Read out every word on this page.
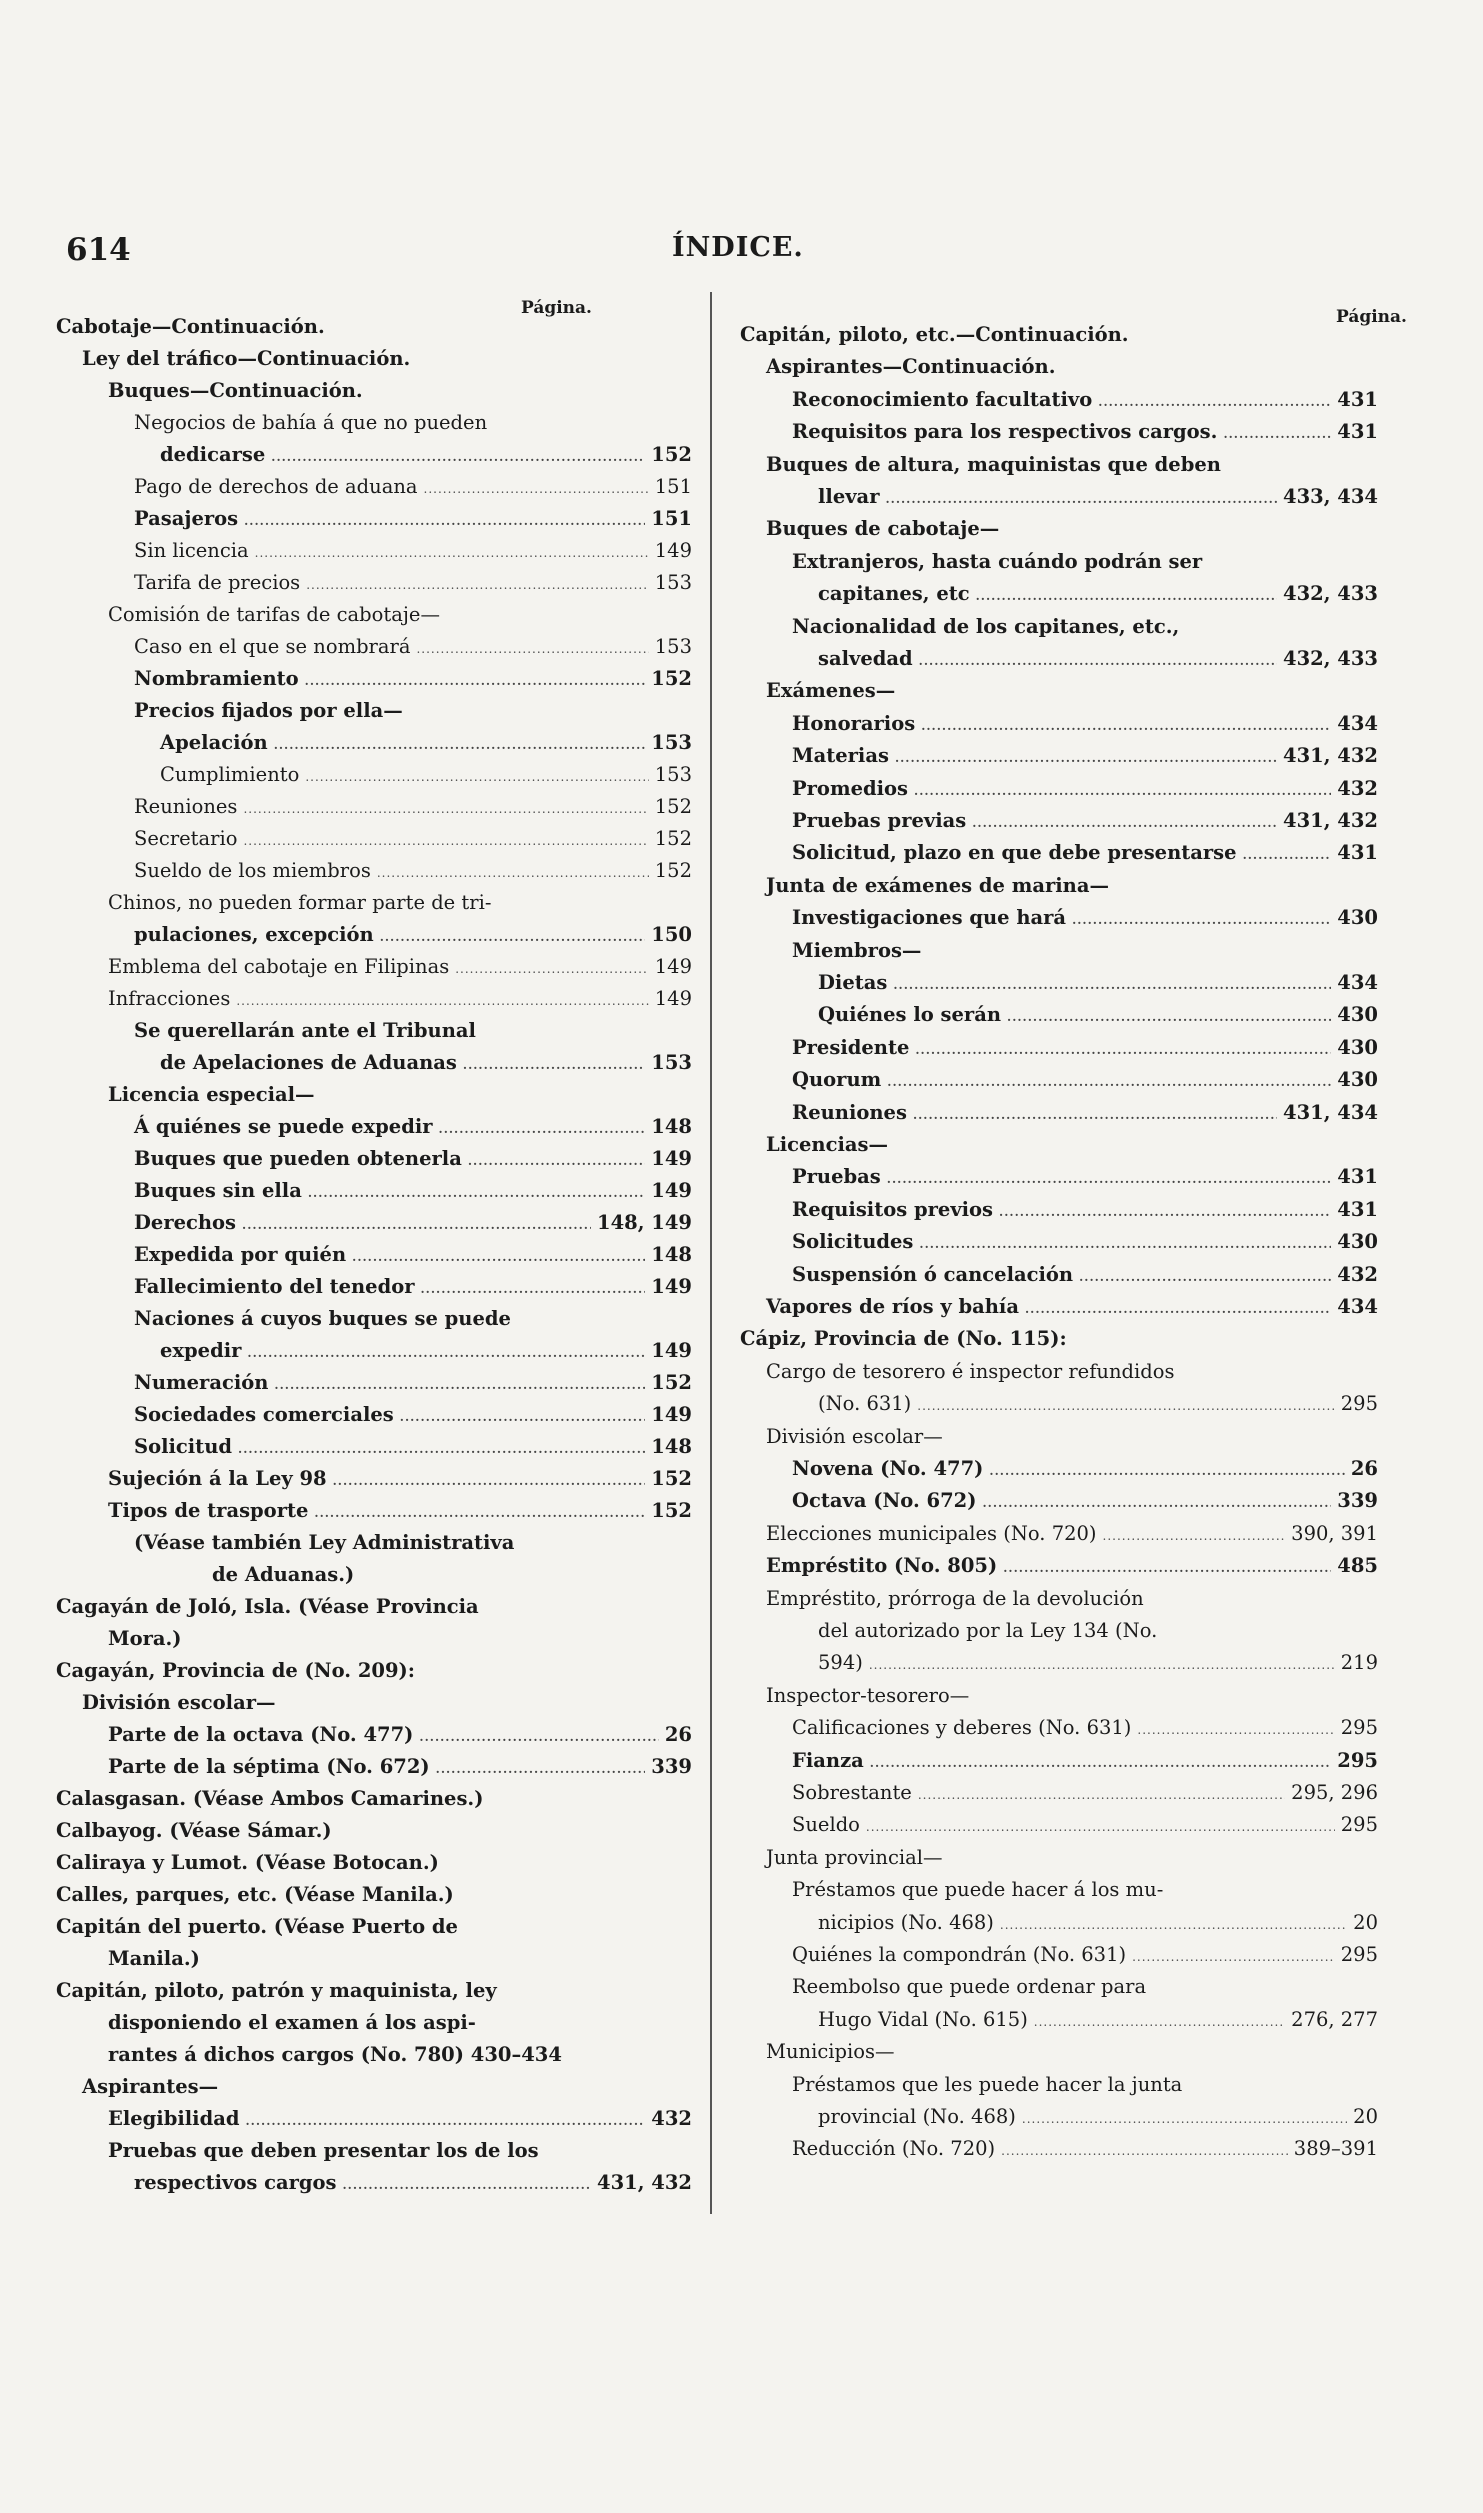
614	ÍNDICE.
Página.
Cabotaje—Continuación.
Ley del tráfico—Continuación.
Buques—Continuación.
Negocios de bahía á que no pueden
dedicarse .....	152
Pago de derechos de aduana .....	151
Pasajeros .....	151
Sin licencia .....	149
Tarifa de precios .....	153
Comisión de tarifas de cabotaje—
Caso en el que se nombrará .....	153
Nombramiento .....	152
Precios fijados por ella—
Apelación .....	153
Cumplimiento .....	153
Reuniones .....	152
Secretario .....	152
Sueldo de los miembros .....	152
Chinos, no pueden formar parte de tri-
pulaciones, excepción .....	150
Emblema del cabotaje en Filipinas .....	149
Infracciones .....	149
Se querellarán ante el Tribunal
de Apelaciones de Aduanas .....	153
Licencia especial—
Á quiénes se puede expedir .....	148
Buques que pueden obtenerla .....	149
Buques sin ella .....	149
Derechos .....	148, 149
Expedida por quién .....	148
Fallecimiento del tenedor .....	149
Naciones á cuyos buques se puede
expedir .....	149
Numeración .....	152
Sociedades comerciales .....	149
Solicitud .....	148
Sujeción á la Ley 98 .....	152
Tipos de trasporte .....	152
(Véase también Ley Administrativa
de Aduanas.)
Cagayán de Joló, Isla. (Véase Provincia
Mora.)
Cagayán, Provincia de (No. 209):
División escolar—
Parte de la octava (No. 477) .....	26
Parte de la séptima (No. 672) .....	339
Calasgasan. (Véase Ambos Camarines.)
Calbayog. (Véase Sámar.)
Caliraya y Lumot. (Véase Botocan.)
Calles, parques, etc. (Véase Manila.)
Capitán del puerto. (Véase Puerto de
Manila.)
Capitán, piloto, patrón y maquinista, ley
disponiendo el examen á los aspi-
rantes á dichos cargos (No. 780) 430–434
Aspirantes—
Elegibilidad .....	432
Pruebas que deben presentar los de los
respectivos cargos .....	431, 432
Página.
Capitán, piloto, etc.—Continuación.
Aspirantes—Continuación.
Reconocimiento facultativo .....	431
Requisitos para los respectivos cargos. .....	431
Buques de altura, maquinistas que deben
llevar .....	433, 434
Buques de cabotaje—
Extranjeros, hasta cuándo podrán ser
capitanes, etc .....	432, 433
Nacionalidad de los capitanes, etc.,
salvedad .....	432, 433
Exámenes—
Honorarios .....	434
Materias .....	431, 432
Promedios .....	432
Pruebas previas .....	431, 432
Solicitud, plazo en que debe presentarse .....	431
Junta de exámenes de marina—
Investigaciones que hará .....	430
Miembros—
Dietas .....	434
Quiénes lo serán .....	430
Presidente .....	430
Quorum .....	430
Reuniones .....	431, 434
Licencias—
Pruebas .....	431
Requisitos previos .....	431
Solicitudes .....	430
Suspensión ó cancelación .....	432
Vapores de ríos y bahía .....	434
Cápiz, Provincia de (No. 115):
Cargo de tesorero é inspector refundidos
(No. 631) .....	295
División escolar—
Novena (No. 477) .....	26
Octava (No. 672) .....	339
Elecciones municipales (No. 720) .....	390, 391
Empréstito (No. 805) .....	485
Empréstito, prórroga de la devolución
del autorizado por la Ley 134 (No.
594) .....	219
Inspector-tesorero—
Calificaciones y deberes (No. 631) .....	295
Fianza .....	295
Sobrestante .....	295, 296
Sueldo .....	295
Junta provincial—
Préstamos que puede hacer á los mu-
nicipios (No. 468) .....	20
Quiénes la compondrán (No. 631) .....	295
Reembolso que puede ordenar para
Hugo Vidal (No. 615) .....	276, 277
Municipios—
Préstamos que les puede hacer la junta
provincial (No. 468) .....	20
Reducción (No. 720) .....	389–391
